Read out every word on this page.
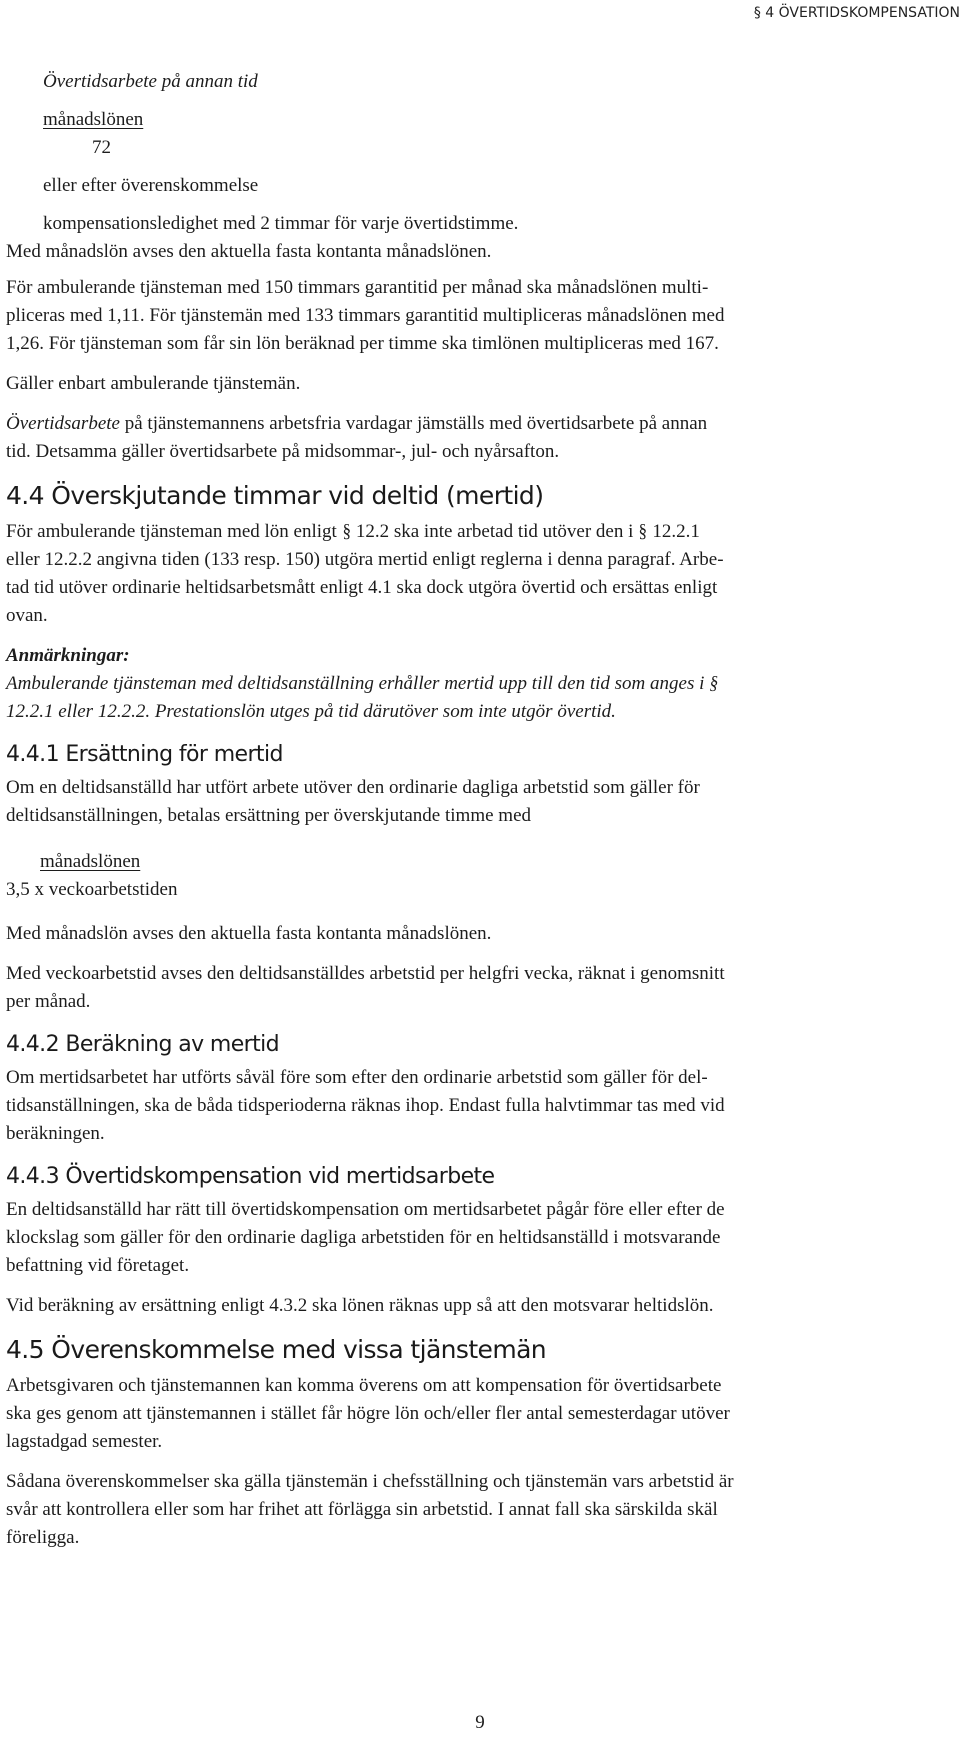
§ 4 ÖVERTIDSKOMPENSATION
Övertidsarbete på annan tid
månadslönen
72
eller efter överenskommelse
kompensationsledighet med 2 timmar för varje övertidstimme.

Med månadslön avses den aktuella fasta kontanta månadslönen.

För ambulerande tjänsteman med 150 timmars garantitid per månad ska månadslönen multi-
pliceras med 1,11. För tjänstemän med 133 timmars garantitid multipliceras månadslönen med
1,26. För tjänsteman som får sin lön beräknad per timme ska timlönen multipliceras med 167.

Gäller enbart ambulerande tjänstemän.

Övertidsarbete på tjänstemannens arbetsfria vardagar jämställs med övertidsarbete på annan
tid. Detsamma gäller övertidsarbete på midsommar-, jul- och nyårsafton.

4.4 Överskjutande timmar vid deltid (mertid)

För ambulerande tjänsteman med lön enligt § 12.2 ska inte arbetad tid utöver den i § 12.2.1
eller 12.2.2 angivna tiden (133 resp. 150) utgöra mertid enligt reglerna i denna paragraf. Arbe-
tad tid utöver ordinarie heltidsarbetsmått enligt 4.1 ska dock utgöra övertid och ersättas enligt
ovan.

Anmärkningar:

Ambulerande tjänsteman med deltidsanställning erhåller mertid upp till den tid som anges i §
12.2.1 eller 12.2.2. Prestationslön utges på tid därutöver som inte utgör övertid.

4.4.1 Ersättning för mertid

Om en deltidsanställd har utfört arbete utöver den ordinarie dagliga arbetstid som gäller för
deltidsanställningen, betalas ersättning per överskjutande timme med

månadslönen
3,5 x veckoarbetstiden

Med månadslön avses den aktuella fasta kontanta månadslönen.

Med veckoarbetstid avses den deltidsanställdes arbetstid per helgfri vecka, räknat i genomsnitt
per månad.

4.4.2 Beräkning av mertid

Om mertidsarbetet har utförts såväl före som efter den ordinarie arbetstid som gäller för del-
tidsanställningen, ska de båda tidsperioderna räknas ihop. Endast fulla halvtimmar tas med vid
beräkningen.

4.4.3 Övertidskompensation vid mertidsarbete

En deltidsanställd har rätt till övertidskompensation om mertidsarbetet pågår före eller efter de
klockslag som gäller för den ordinarie dagliga arbetstiden för en heltidsanställd i motsvarande
befattning vid företaget.

Vid beräkning av ersättning enligt 4.3.2 ska lönen räknas upp så att den motsvarar heltidslön.

4.5 Överenskommelse med vissa tjänstemän

Arbetsgivaren och tjänstemannen kan komma överens om att kompensation för övertidsarbete
ska ges genom att tjänstemannen i stället får högre lön och/eller fler antal semesterdagar utöver
lagstadgad semester.

Sådana överenskommelser ska gälla tjänstemän i chefsställning och tjänstemän vars arbetstid är
svår att kontrollera eller som har frihet att förlägga sin arbetstid. I annat fall ska särskilda skäl
föreligga.

9
